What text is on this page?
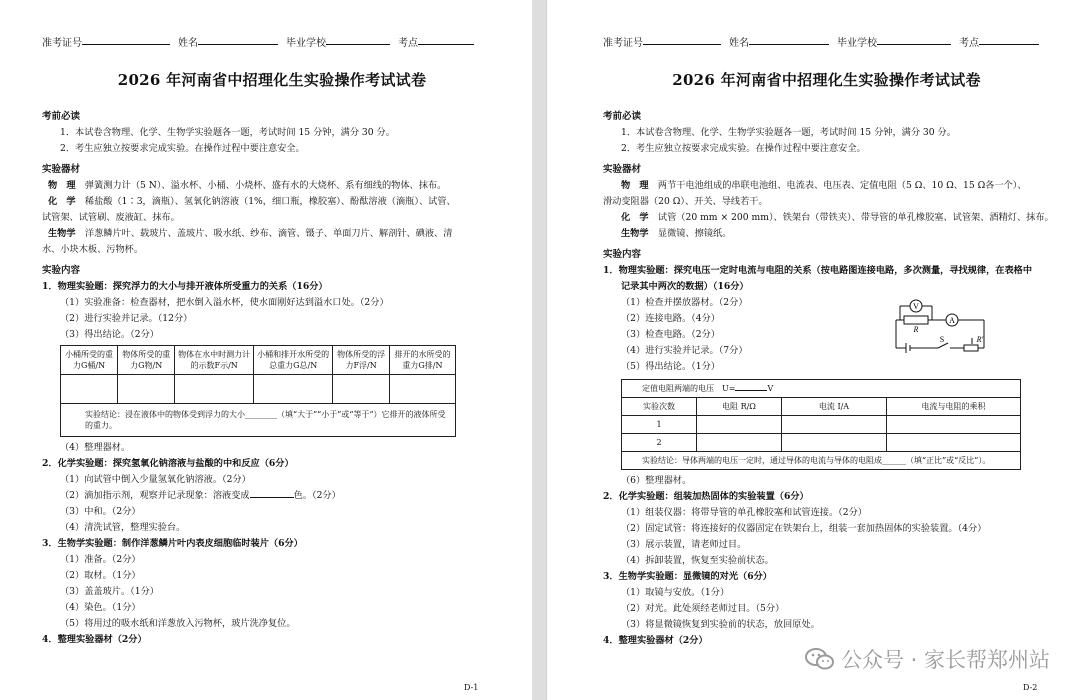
准考证号	姓名	毕业学校	考点
2026 年河南省中招理化生实验操作考试试卷
考前必读
1．本试卷含物理、化学、生物学实验题各一题，考试时间 15 分钟，满分 30 分。
2．考生应独立按要求完成实验。在操作过程中要注意安全。
实验器材
物　理 弹簧测力计（5 N）、溢水杯、小桶、小烧杯、盛有水的大烧杯、系有细线的物体、抹布。
化　学 稀盐酸（1∶3，滴瓶）、氢氧化钠溶液（1%，细口瓶，橡胶塞）、酚酞溶液（滴瓶）、试管、
试管架、试管刷、废液缸、抹布。
生物学 洋葱鳞片叶、载玻片、盖玻片、吸水纸、纱布、滴管、镊子、单面刀片、解剖针、碘液、清
水、小块木板、污物杯。
实验内容
1．物理实验题：探究浮力的大小与排开液体所受重力的关系（16分）
（1）实验准备：检查器材，把水倒入溢水杯，使水面刚好达到溢水口处。（2分）
（2）进行实验并记录。（12分）
（3）得出结论。（2分）
小桶所受的重力G桶/N	物体所受的重力G物/N	物体在水中时测力计的示数F示/N	小桶和排开水所受的总重力G总/N	物体所受的浮力F浮/N	排开的水所受的重力G排/N

实验结论：浸在液体中的物体受到浮力的大小________（填“大于”“小于”或“等于”）它排开的液体所受的重力。					
（4）整理器材。
2．化学实验题：探究氢氧化钠溶液与盐酸的中和反应（6分）
（1）向试管中倒入少量氢氧化钠溶液。（2分）
（2）滴加指示剂，观察并记录现象：溶液变成	色。（2分）
（3）中和。（2分）
（4）清洗试管，整理实验台。
3．生物学实验题：制作洋葱鳞片叶内表皮细胞临时装片（6分）
（1）准备。（2分）
（2）取材。（1分）
（3）盖盖玻片。（1分）
（4）染色。（1分）
（5）将用过的吸水纸和洋葱放入污物杯，玻片洗净复位。
4．整理实验器材（2分）
D-1
准考证号	姓名	毕业学校	考点
2026 年河南省中招理化生实验操作考试试卷
考前必读
1．本试卷含物理、化学、生物学实验题各一题，考试时间 15 分钟，满分 30 分。
2．考生应独立按要求完成实验。在操作过程中要注意安全。
实验器材
物　理 两节干电池组成的串联电池组、电流表、电压表、定值电阻（5 Ω、10 Ω、15 Ω各一个）、
滑动变阻器（20 Ω）、开关、导线若干。
化　学 试管（20 mm × 200 mm）、铁架台（带铁夹）、带导管的单孔橡胶塞、试管架、酒精灯、抹布。
生物学 显微镜、擦镜纸。
实验内容
1．物理实验题：探究电压一定时电流与电阻的关系（按电路图连接电路，多次测量，寻找规律，在表格中
记录其中两次的数据）（16分）
（1）检查并摆放器材。（2分）
（2）连接电路。（4分）
（3）检查电路。（2分）
（4）进行实验并记录。（7分）
（5）得出结论。（1分）
定值电阻两端的电压　U= V			
实验次数	电阻 R/Ω	电流 I/A	电流与电阻的乘积
1			
2			
实验结论：导体两端的电压一定时，通过导体的电流与导体的电阻成______（填“正比”或“反比”）。			
（6）整理器材。
2．化学实验题：组装加热固体的实验装置（6分）
（1）组装仪器：将带导管的单孔橡胶塞和试管连接。（2分）
（2）固定试管：将连接好的仪器固定在铁架台上，组装一套加热固体的实验装置。（4分）
（3）展示装置，请老师过目。
（4）拆卸装置，恢复至实验前状态。
3．生物学实验题：显微镜的对光（6分）
（1）取镜与安放。（1分）
（2）对光。此处须经老师过目。（5分）
（3）将显微镜恢复到实验前的状态，放回原处。
4．整理实验器材（2分）
D-2
V
A
R
S	R′
公众号 · 家长帮郑州站
